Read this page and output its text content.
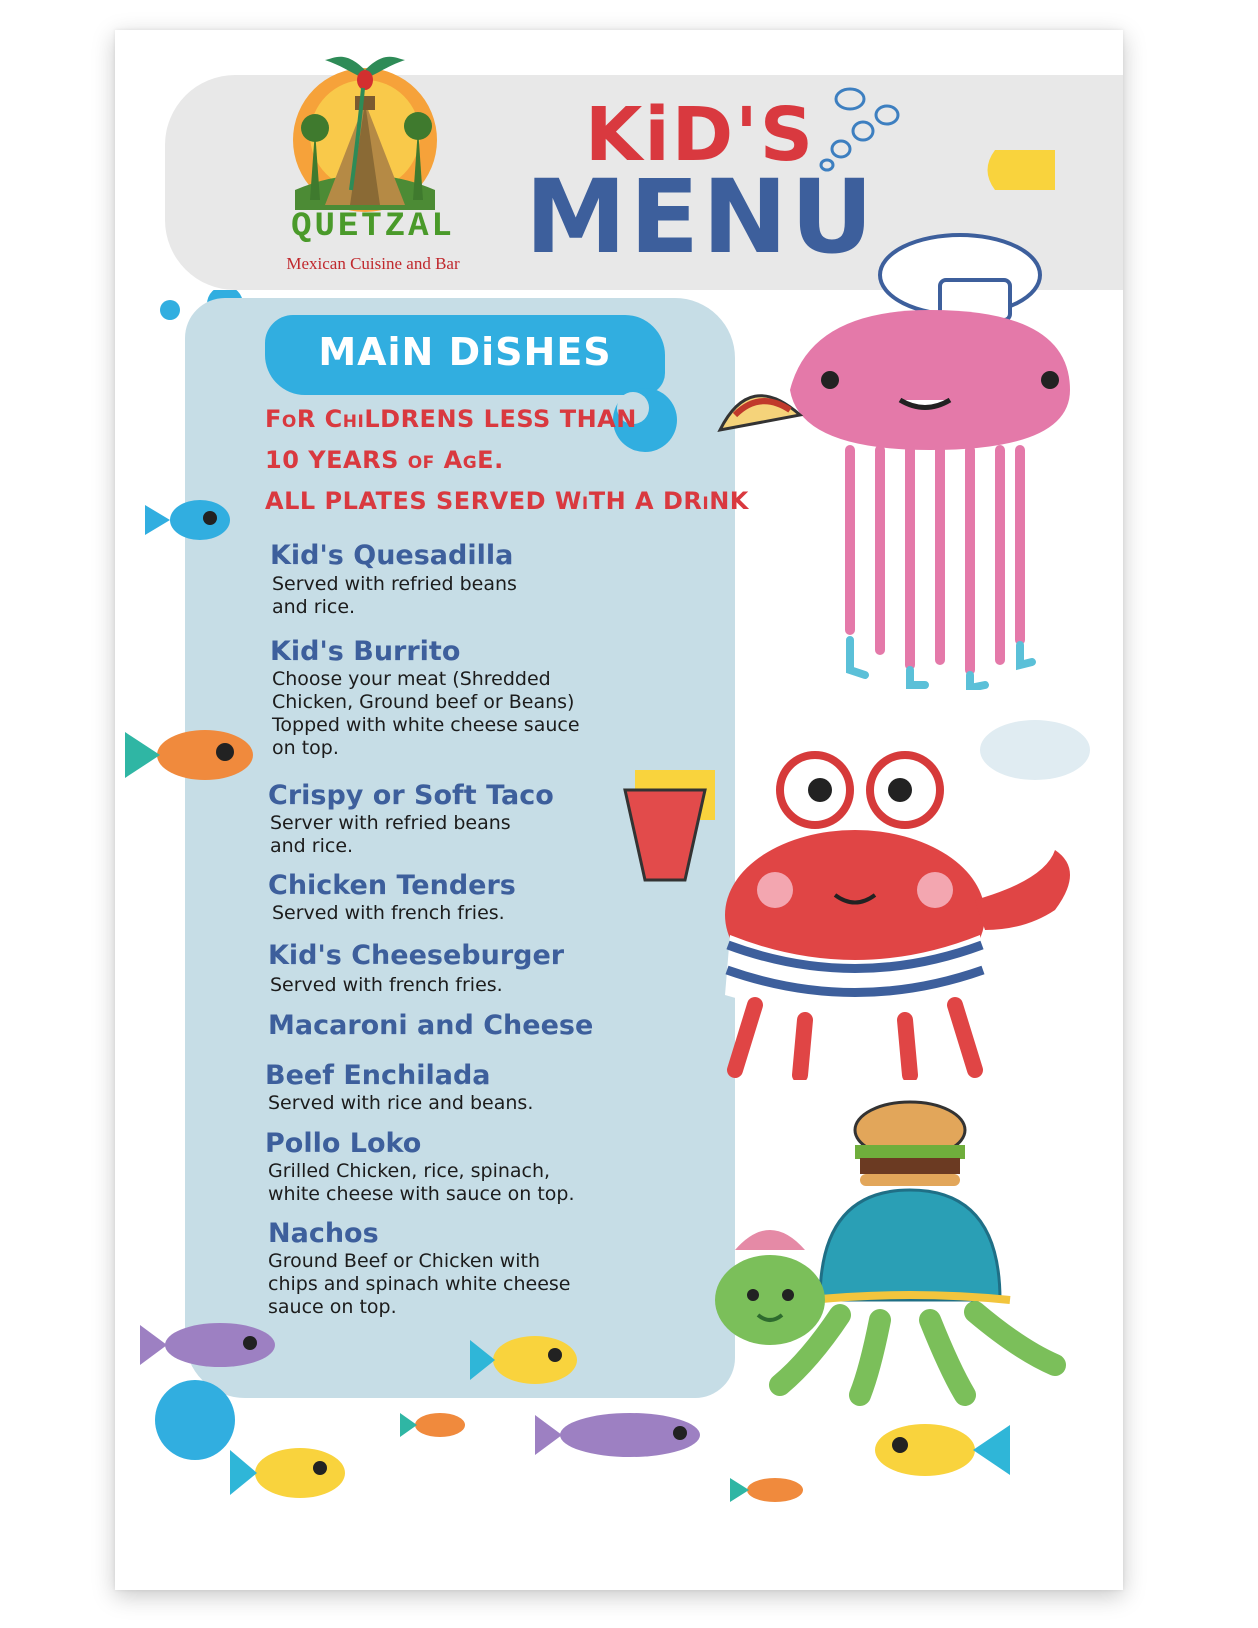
QUETZAL
Mexican Cuisine and Bar
KiD'S
MENU
MAiN DiSHES
FoR ChiLDRENS LESS THAN
10 YEARS of AgE.
ALL PLATES SERVED WiTH A DRiNK
Kid's Quesadilla
Served with refried beans
and rice.
Kid's Burrito
Choose your meat (Shredded
Chicken, Ground beef or Beans)
Topped with white cheese sauce
on top.
Crispy or Soft Taco
Server with refried beans
and rice.
Chicken Tenders
Served with french fries.
Kid's Cheeseburger
Served with french fries.
Macaroni and Cheese
Beef Enchilada
Served with rice and beans.
Pollo Loko
Grilled Chicken, rice, spinach,
white cheese with sauce on top.
Nachos
Ground Beef or Chicken with
chips and spinach white cheese
sauce on top.
